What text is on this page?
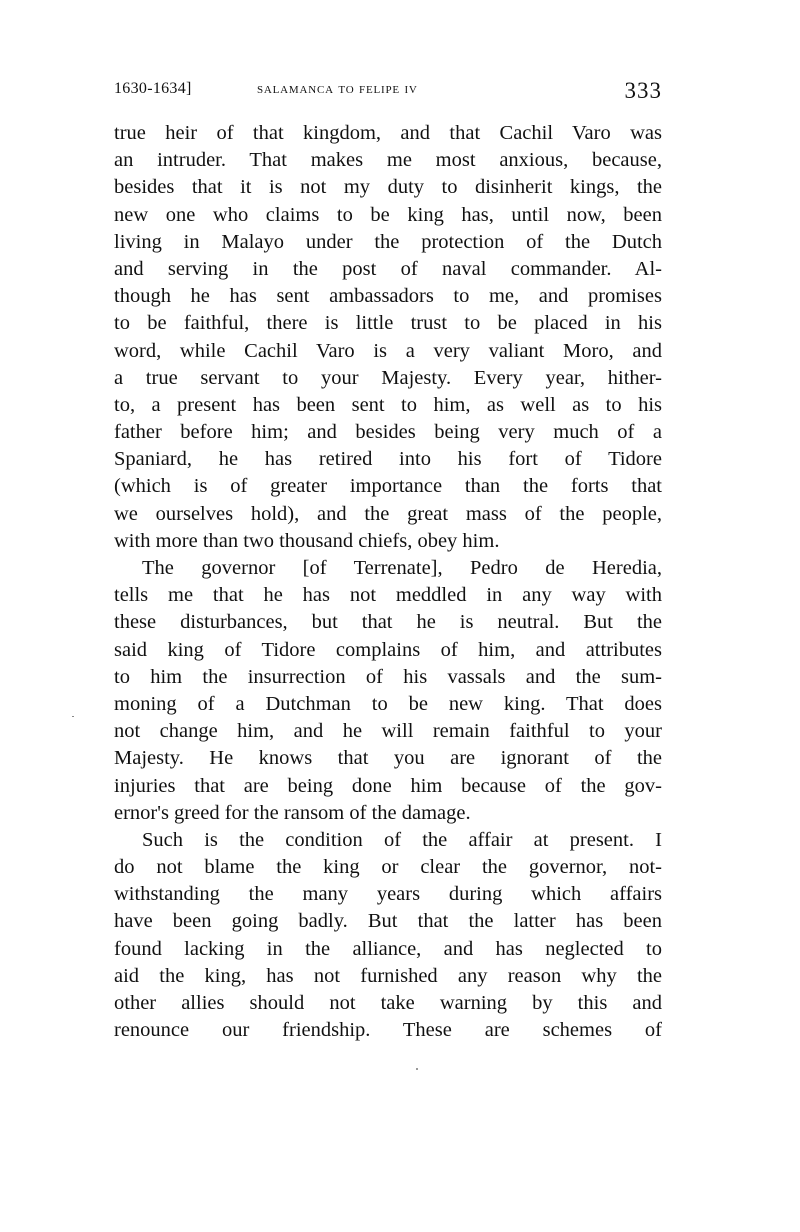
1630-1634]	salamanca to felipe iv	333
true heir of that kingdom, and that Cachil Varo was
an intruder. That makes me most anxious, because,
besides that it is not my duty to disinherit kings, the
new one who claims to be king has, until now, been
living in Malayo under the protection of the Dutch
and serving in the post of naval commander. Al-
though he has sent ambassadors to me, and promises
to be faithful, there is little trust to be placed in his
word, while Cachil Varo is a very valiant Moro, and
a true servant to your Majesty. Every year, hither-
to, a present has been sent to him, as well as to his
father before him; and besides being very much of a
Spaniard, he has retired into his fort of Tidore
(which is of greater importance than the forts that
we ourselves hold), and the great mass of the people,
with more than two thousand chiefs, obey him.
The governor [of Terrenate], Pedro de Heredia,
tells me that he has not meddled in any way with
these disturbances, but that he is neutral. But the
said king of Tidore complains of him, and attributes
to him the insurrection of his vassals and the sum-
moning of a Dutchman to be new king. That does
not change him, and he will remain faithful to your
Majesty. He knows that you are ignorant of the
injuries that are being done him because of the gov-
ernor's greed for the ransom of the damage.
Such is the condition of the affair at present. I
do not blame the king or clear the governor, not-
withstanding the many years during which affairs
have been going badly. But that the latter has been
found lacking in the alliance, and has neglected to
aid the king, has not furnished any reason why the
other allies should not take warning by this and
renounce our friendship. These are schemes of
